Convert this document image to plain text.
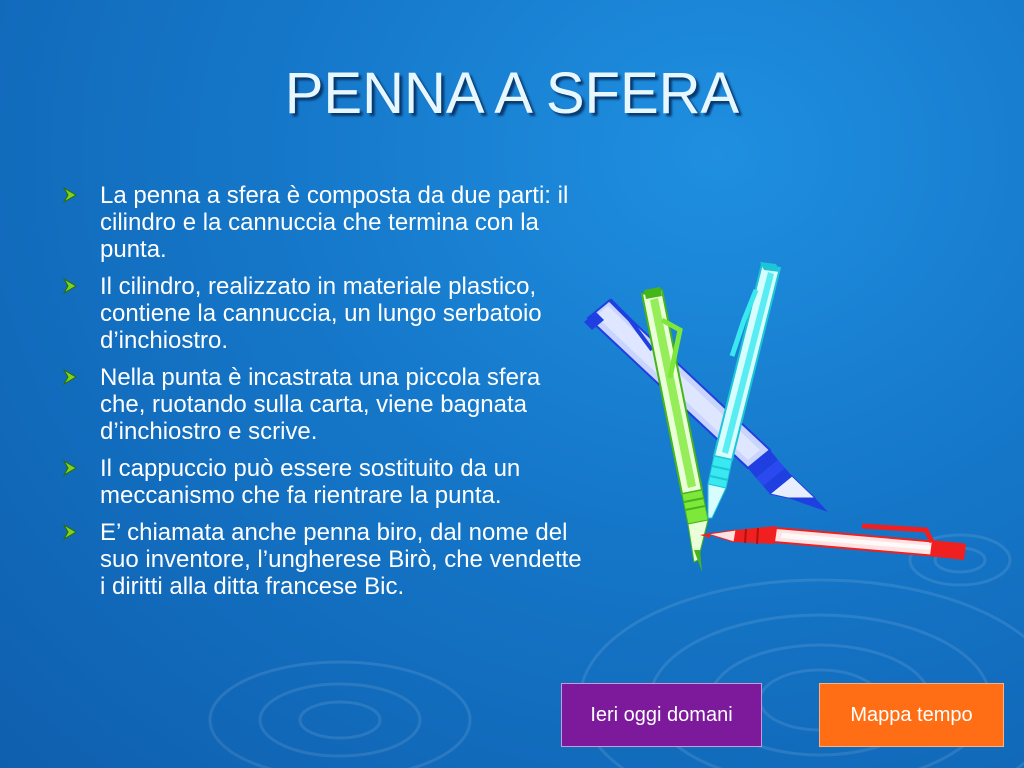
PENNA A SFERA
La penna a sfera è composta da due parti: il cilindro e la cannuccia che termina con la punta.
Il cilindro, realizzato in materiale plastico, contiene la cannuccia, un lungo serbatoio d’inchiostro.
Nella punta è incastrata una piccola sfera che, ruotando sulla carta, viene bagnata d’inchiostro e scrive.
Il cappuccio può essere sostituito da un meccanismo che fa rientrare la punta.
E’ chiamata anche penna biro, dal nome del suo inventore, l’ungherese Birò, che vendette i diritti alla ditta francese Bic.
Ieri oggi domani	Mappa tempo
